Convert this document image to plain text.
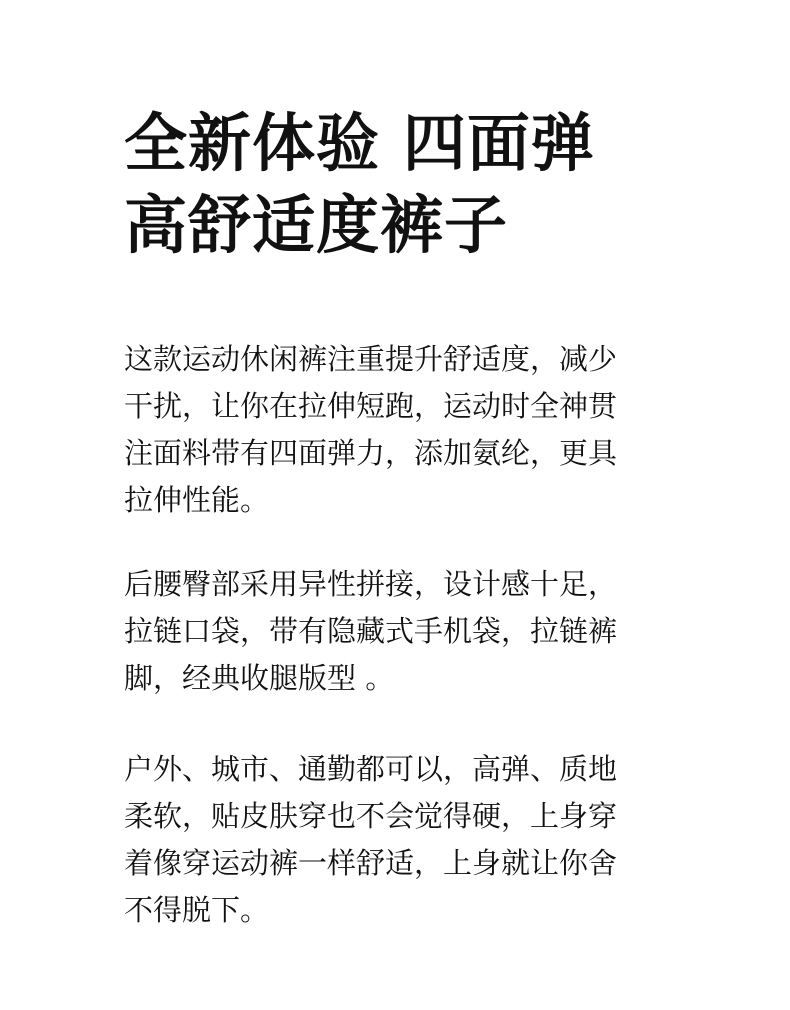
全新体验 四面弹
高舒适度裤子

这款运动休闲裤注重提升舒适度，减少
干扰，让你在拉伸短跑，运动时全神贯
注面料带有四面弹力，添加氨纶，更具
拉伸性能。

后腰臀部采用异性拼接，设计感十足，
拉链口袋，带有隐藏式手机袋，拉链裤
脚，经典收腿版型 。

户外、城市、通勤都可以，高弹、质地
柔软，贴皮肤穿也不会觉得硬，上身穿
着像穿运动裤一样舒适，上身就让你舍
不得脱下。
